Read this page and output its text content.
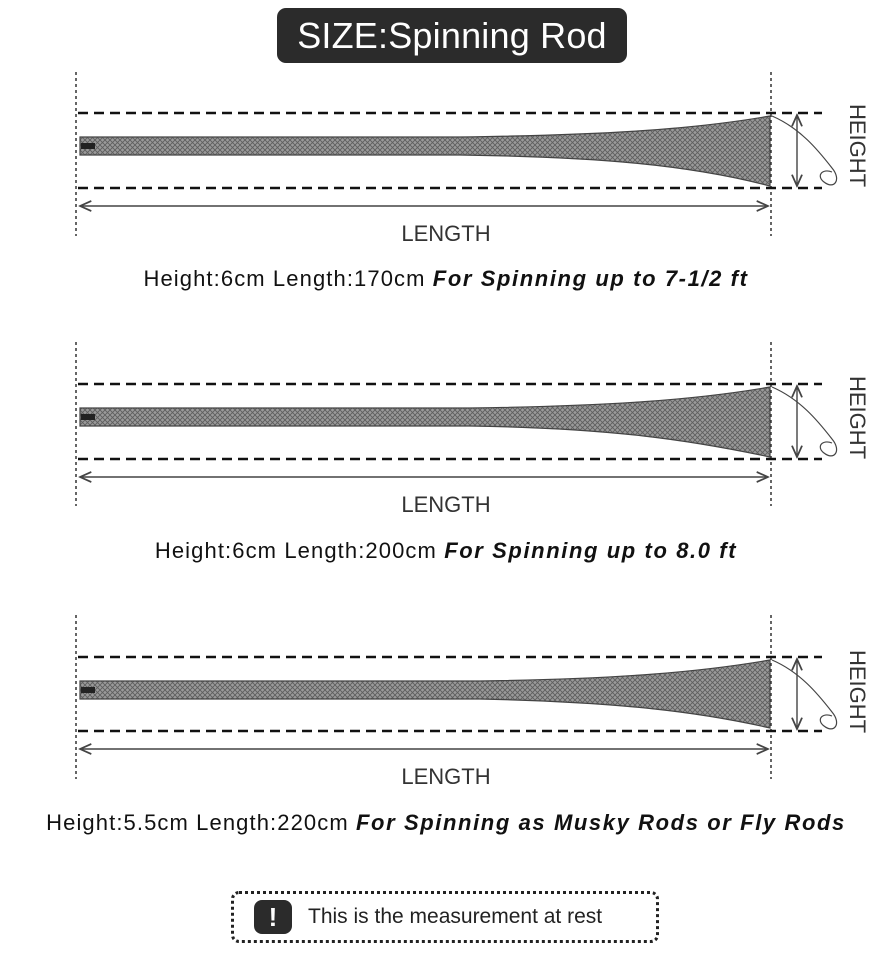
SIZE:Spinning Rod
LENGTH
HEIGHT
LENGTH
HEIGHT
LENGTH
HEIGHT
Height:6cm Length:170cm For Spinning up to 7-1/2 ft
Height:6cm Length:200cm For Spinning up to 8.0 ft
Height:5.5cm Length:220cm For Spinning as Musky Rods or Fly Rods
!	This is the measurement at rest
